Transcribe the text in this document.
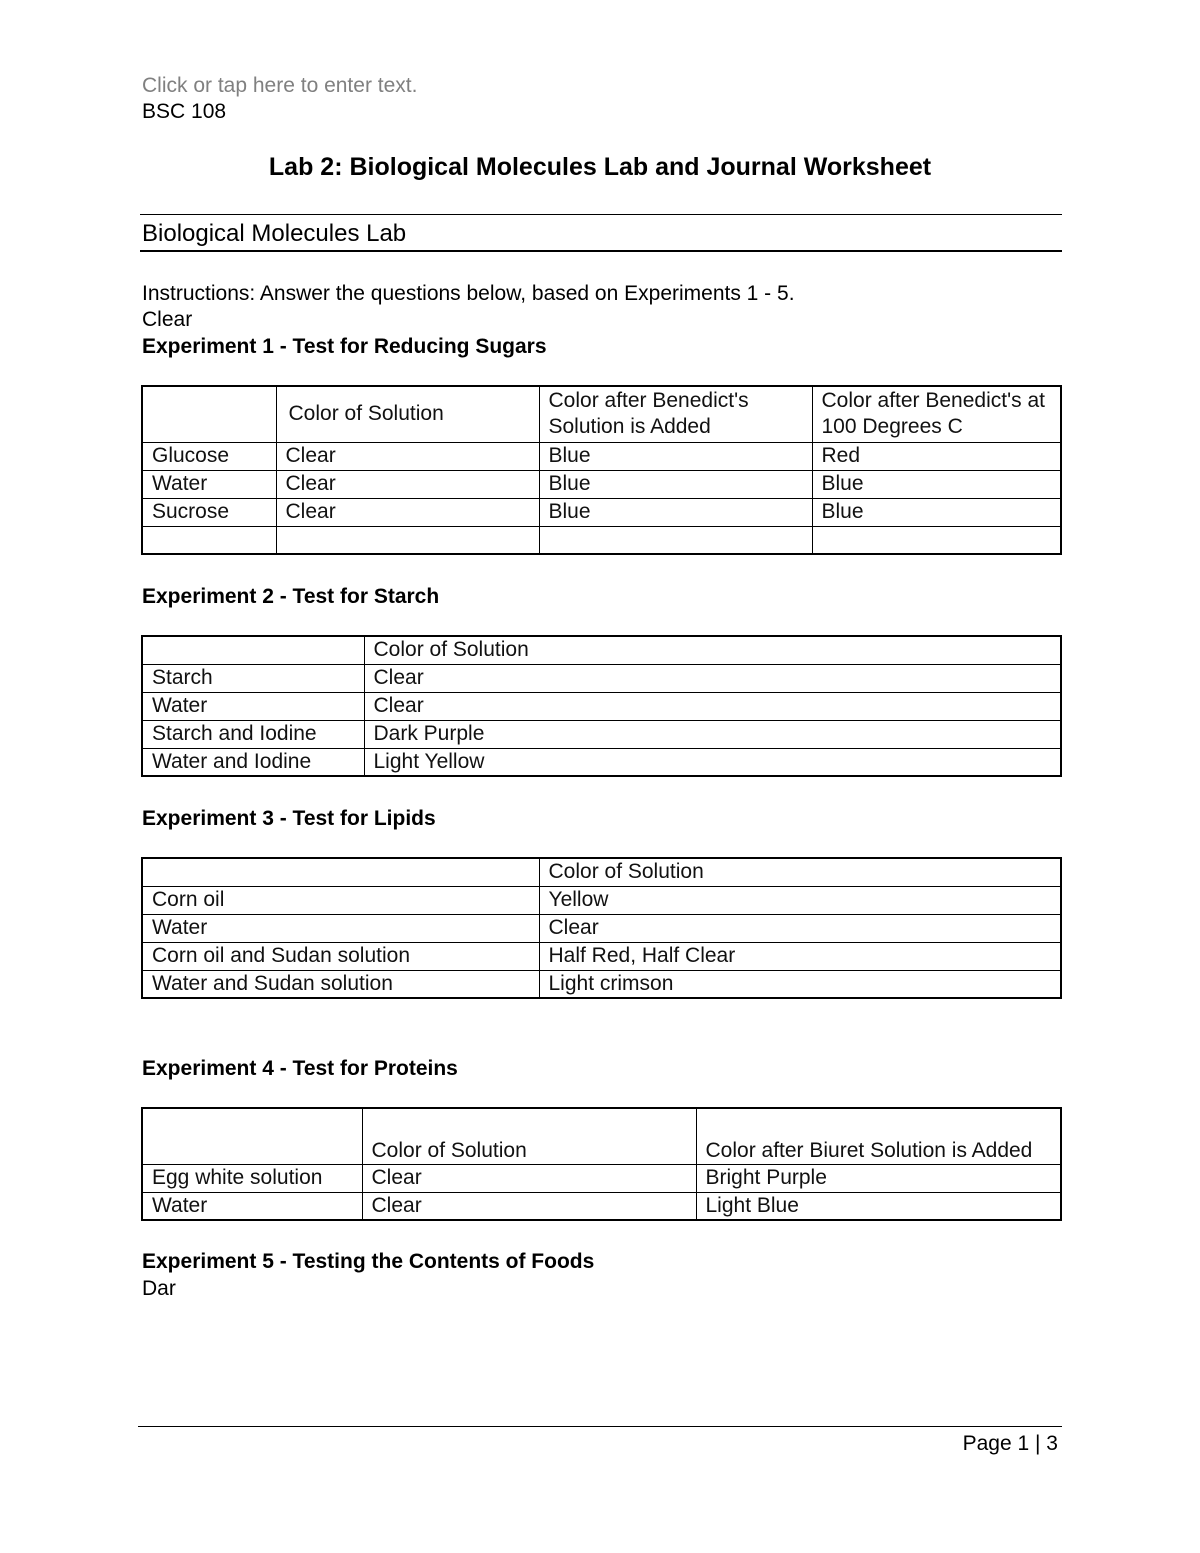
Click or tap here to enter text.
BSC 108
Lab 2: Biological Molecules Lab and Journal Worksheet
Biological Molecules Lab
Instructions: Answer the questions below, based on Experiments 1 - 5.
Clear
Experiment 1 - Test for Reducing Sugars
	Color of Solution	Color after Benedict's Solution is Added	Color after Benedict's at 100 Degrees C
Glucose	Clear	Blue	Red
Water	Clear	Blue	Blue
Sucrose	Clear	Blue	Blue

Experiment 2 - Test for Starch
	Color of Solution
Starch	Clear
Water	Clear
Starch and Iodine	Dark Purple
Water and Iodine	Light Yellow
Experiment 3 - Test for Lipids
	Color of Solution
Corn oil	Yellow
Water	Clear
Corn oil and Sudan solution	Half Red, Half Clear
Water and Sudan solution	Light crimson
Experiment 4 - Test for Proteins
	Color of Solution	Color after Biuret Solution is Added
Egg white solution	Clear	Bright Purple
Water	Clear	Light Blue
Experiment 5 - Testing the Contents of Foods
Dar
Page 1 | 3
